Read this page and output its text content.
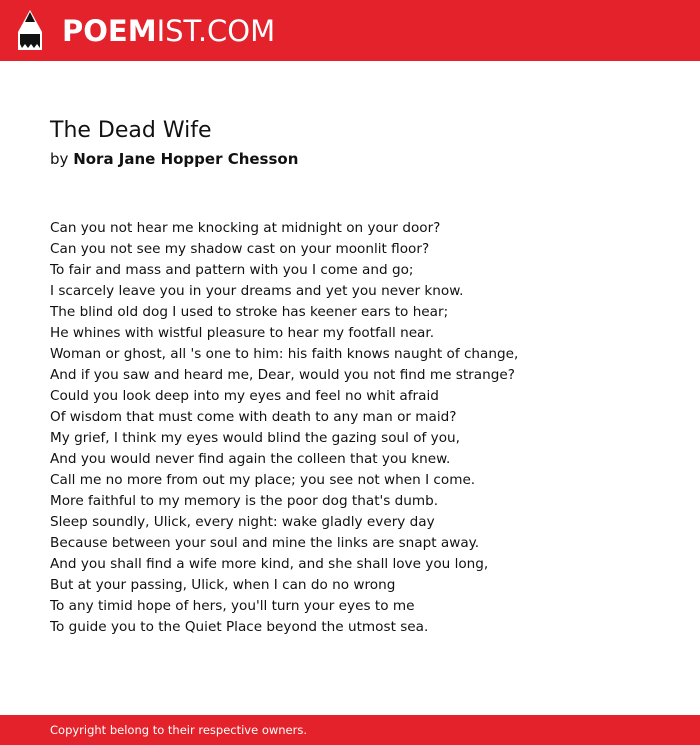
POEMIST.COM
The Dead Wife
by Nora Jane Hopper Chesson
Can you not hear me knocking at midnight on your door?
Can you not see my shadow cast on your moonlit floor?
To fair and mass and pattern with you I come and go;
I scarcely leave you in your dreams and yet you never know.
The blind old dog I used to stroke has keener ears to hear;
He whines with wistful pleasure to hear my footfall near.
Woman or ghost, all 's one to him: his faith knows naught of change,
And if you saw and heard me, Dear, would you not find me strange?
Could you look deep into my eyes and feel no whit afraid
Of wisdom that must come with death to any man or maid?
My grief, I think my eyes would blind the gazing soul of you,
And you would never find again the colleen that you knew.
Call me no more from out my place; you see not when I come.
More faithful to my memory is the poor dog that's dumb.
Sleep soundly, Ulick, every night: wake gladly every day
Because between your soul and mine the links are snapt away.
And you shall find a wife more kind, and she shall love you long,
But at your passing, Ulick, when I can do no wrong
To any timid hope of hers, you'll turn your eyes to me
To guide you to the Quiet Place beyond the utmost sea.
Copyright belong to their respective owners.
